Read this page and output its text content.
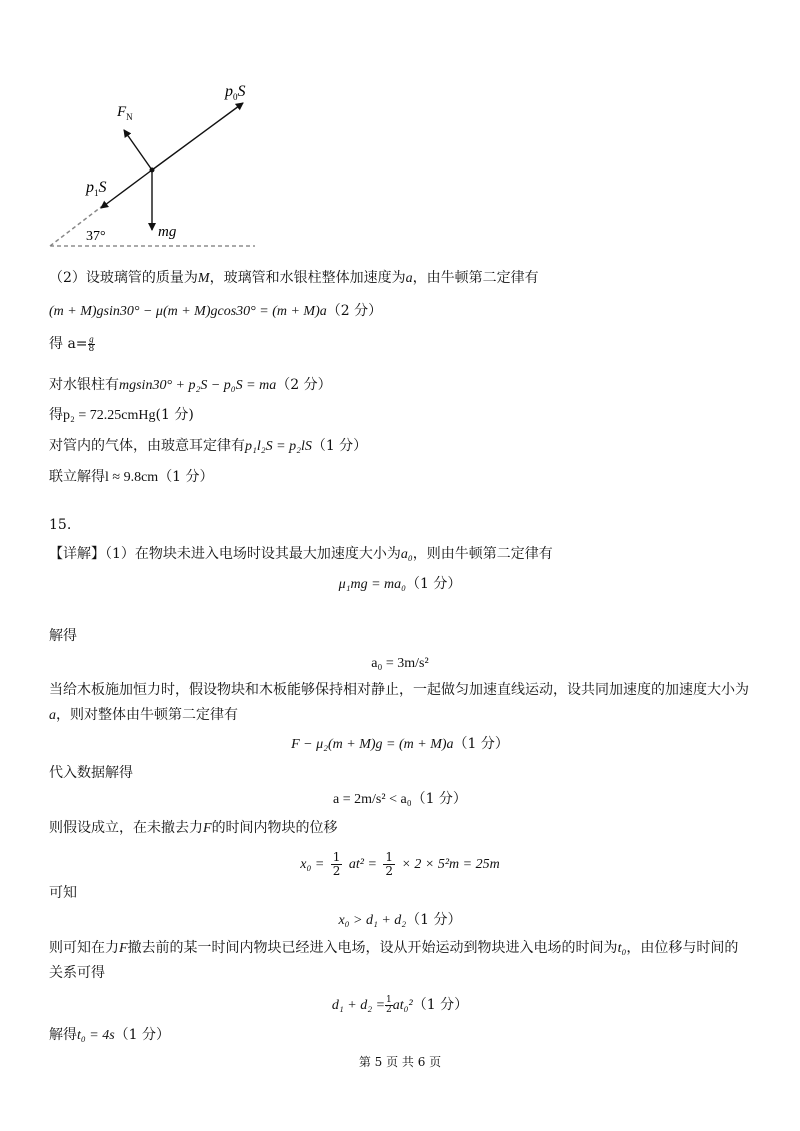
$F_N$
$p_0S$
$p_1S$
mg
37°
（2）设玻璃管的质量为M，玻璃管和水银柱整体加速度为a，由牛顿第二定律有
(m + M)gsin30° − μ(m + M)gcos30° = (m + M)a（2 分）
得 $a= \frac{g}{8}$
对水银柱有mgsin30° + p₂S − p₀S = ma（2 分）
得p₂ = 72.25cmHg(1 分)
对管内的气体，由玻意耳定律有p₁l₂S = p₂lS（1 分）
联立解得l ≈ 9.8cm（1 分）
15.
【详解】（1）在物块未进入电场时设其最大加速度大小为a₀，则由牛顿第二定律有
μ₁mg = ma₀（1 分）
解得
a₀ = 3m/s²
当给木板施加恒力时，假设物块和木板能够保持相对静止，一起做匀加速直线运动，设共同加速度的加速度大小为
a，则对整体由牛顿第二定律有
F − μ₂(m + M)g = (m + M)a（1 分）
代入数据解得
a = 2m/s² < a₀（1 分）
则假设成立，在未撤去力F的时间内物块的位移
$x_0 = \frac{1}{2} at^2 = \frac{1}{2} \times 2 \times 5^2m = 25m$
可知
x₀ > d₁ + d₂（1 分）
则可知在力F撤去前的某一时间内物块已经进入电场，设从开始运动到物块进入电场的时间为t₀，由位移与时间的
关系可得
$d_1 + d_2 = \frac{1}{2} at_0^2(1$ 分）
解得t₀ = 4s（1 分）
第 5 页 共 6 页
